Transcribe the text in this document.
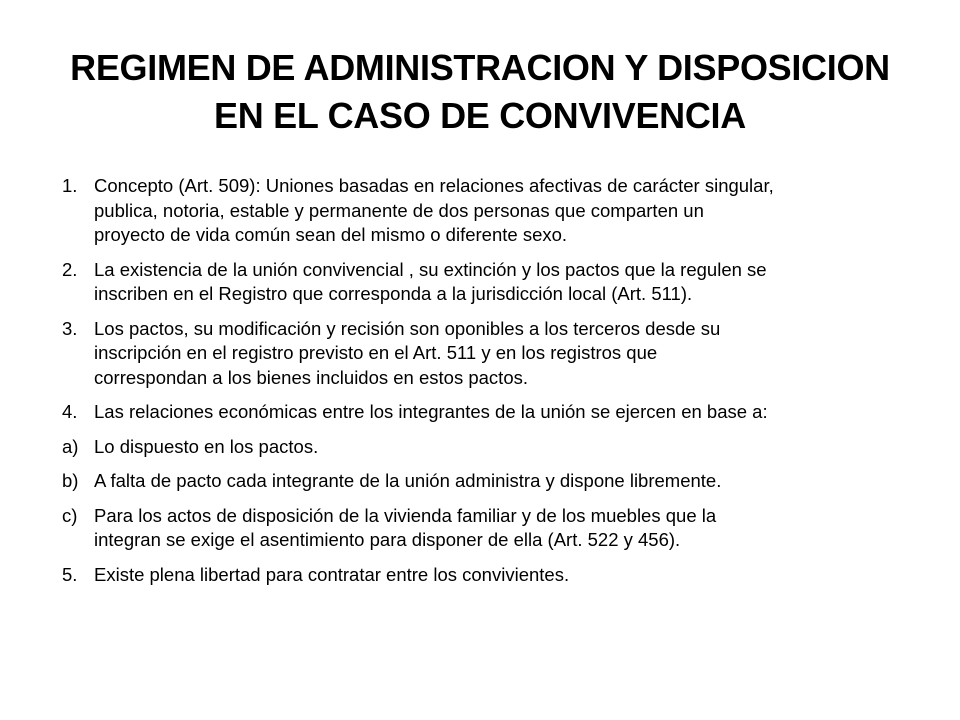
REGIMEN DE ADMINISTRACION Y DISPOSICION
EN EL CASO DE CONVIVENCIA
1. Concepto (Art. 509): Uniones basadas en relaciones afectivas de carácter singular,
publica, notoria, estable y permanente de dos personas que comparten un
proyecto de vida común sean del mismo o diferente sexo.
2. La existencia de la unión convivencial , su extinción y los pactos que la regulen se
inscriben en el Registro que corresponda a la jurisdicción local (Art. 511).
3. Los pactos, su modificación y recisión son oponibles a los terceros desde su
inscripción en el registro previsto en el Art. 511 y en los registros que
correspondan a los bienes incluidos en estos pactos.
4. Las relaciones económicas entre los integrantes de la unión se ejercen en base a:
a) Lo dispuesto en los pactos.
b) A falta de pacto cada integrante de la unión administra y dispone libremente.
c) Para los actos de disposición de la vivienda familiar y de los muebles que la
integran se exige el asentimiento para disponer de ella (Art. 522 y 456).
5. Existe plena libertad para contratar entre los convivientes.
